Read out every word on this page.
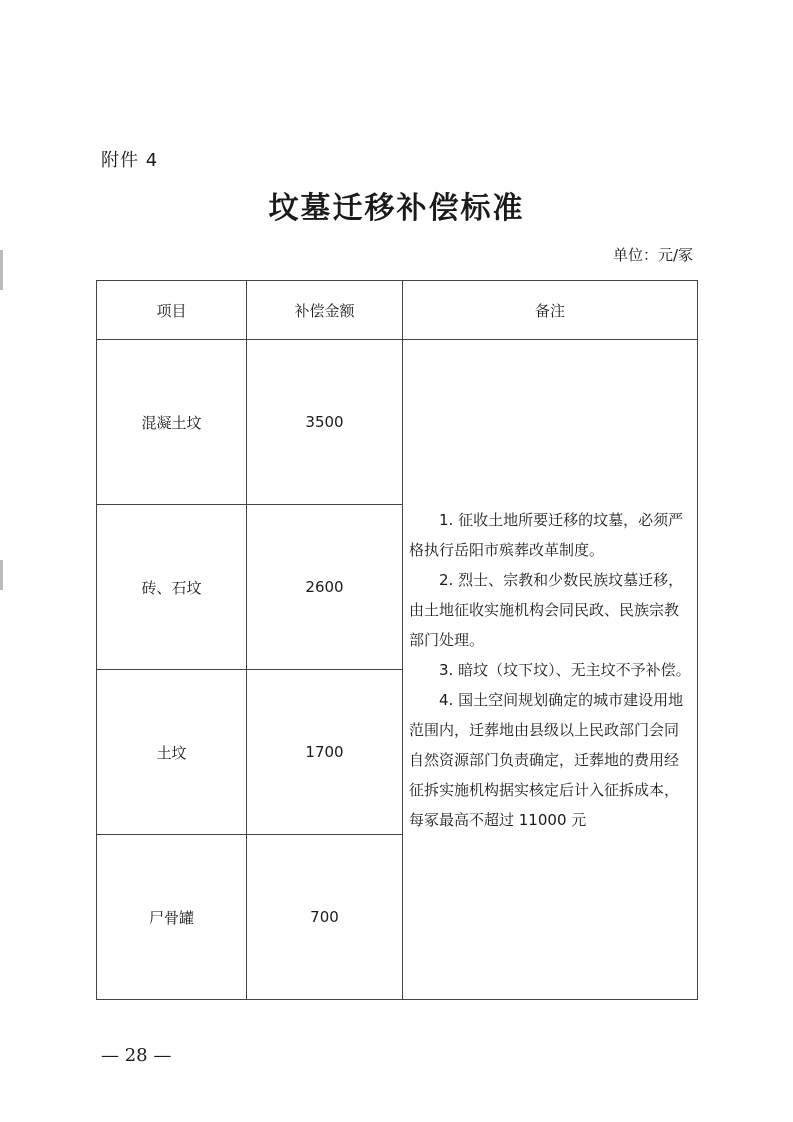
附件 4
坟墓迁移补偿标准
单位：元/冢
项目	补偿金额	备注
混凝土坟	3500	1. 征收土地所要迁移的坟墓，必须严格执行岳阳市殡葬改革制度。

2. 烈士、宗教和少数民族坟墓迁移，由土地征收实施机构会同民政、民族宗教部门处理。

3. 暗坟（坟下坟）、无主坟不予补偿。

4. 国土空间规划确定的城市建设用地范围内，迁葬地由县级以上民政部门会同自然资源部门负责确定，迁葬地的费用经征拆实施机构据实核定后计入征拆成本，每冢最高不超过 11000 元

砖、石坟	2600	
土坟	1700	
尸骨罐	700	
— 28 —
